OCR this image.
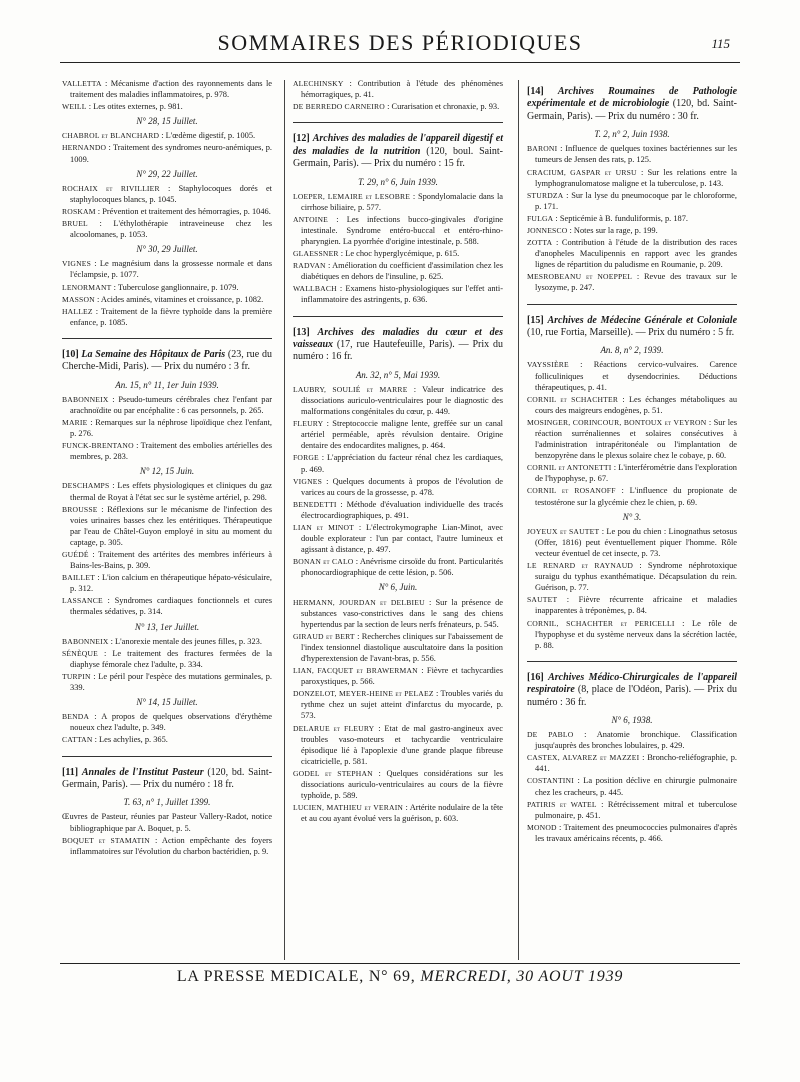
SOMMAIRES DES PÉRIODIQUES	115
VALLETTA : Mécanisme d'action des rayonnements dans le traitement des maladies inflammatoires, p. 978.
WEILL : Les otites externes, p. 981.
N° 28, 15 Juillet.
CHABROL et BLANCHARD : L'œdème digestif, p. 1005.
HERNANDO : Traitement des syndromes neuro-anémiques, p. 1009.
N° 29, 22 Juillet.
ROCHAIX et RIVILLIER : Staphylocoques dorés et staphylocoques blancs, p. 1045.
ROSKAM : Prévention et traitement des hémorragies, p. 1046.
BRUEL : L'éthylothérapie intraveineuse chez les alcoolomanes, p. 1053.
N° 30, 29 Juillet.
VIGNES : Le magnésium dans la grossesse normale et dans l'éclampsie, p. 1077.
LENORMANT : Tuberculose ganglionnaire, p. 1079.
MASSON : Acides aminés, vitamines et croissance, p. 1082.
HALLEZ : Traitement de la fièvre typhoïde dans la première enfance, p. 1085.
[10] La Semaine des Hôpitaux de Paris (23, rue du Cherche-Midi, Paris). — Prix du numéro : 3 fr.
An. 15, n° 11, 1er Juin 1939.
BABONNEIX : Pseudo-tumeurs cérébrales chez l'enfant par arachnoïdite ou par encéphalite : 6 cas personnels, p. 265.
MARIE : Remarques sur la néphrose lipoïdique chez l'enfant, p. 276.
FUNCK-BRENTANO : Traitement des embolies artérielles des membres, p. 283.
N° 12, 15 Juin.
DESCHAMPS : Les effets physiologiques et cliniques du gaz thermal de Royat à l'état sec sur le système artériel, p. 298.
BROUSSE : Réflexions sur le mécanisme de l'infection des voies urinaires basses chez les entéritiques. Thérapeutique par l'eau de Châtel-Guyon employé in situ au moment du captage, p. 305.
GUÉDÉ : Traitement des artérites des membres inférieurs à Bains-les-Bains, p. 309.
BAILLET : L'ion calcium en thérapeutique hépato-vésiculaire, p. 312.
LASSANCE : Syndromes cardiaques fonctionnels et cures thermales sédatives, p. 314.
N° 13, 1er Juillet.
BABONNEIX : L'anorexie mentale des jeunes filles, p. 323.
SÉNÈQUE : Le traitement des fractures fermées de la diaphyse fémorale chez l'adulte, p. 334.
TURPIN : Le péril pour l'espèce des mutations germinales, p. 339.
N° 14, 15 Juillet.
BENDA : A propos de quelques observations d'érythème noueux chez l'adulte, p. 349.
CATTAN : Les achylies, p. 365.
[11] Annales de l'Institut Pasteur (120, bd. Saint-Germain, Paris). — Prix du numéro : 18 fr.
T. 63, n° 1, Juillet 1399.
Œuvres de Pasteur, réunies par Pasteur Vallery-Radot, notice bibliographique par A. Boquet, p. 5.
BOQUET et STAMATIN : Action empêchante des foyers inflammatoires sur l'évolution du charbon bactéridien, p. 9.
ALECHINSKY : Contribution à l'étude des phénomènes hémorragiques, p. 41.
DE BERREDO CARNEIRO : Curarisation et chronaxie, p. 93.
[12] Archives des maladies de l'appareil digestif et des maladies de la nutrition (120, boul. Saint-Germain, Paris). — Prix du numéro : 15 fr.
T. 29, n° 6, Juin 1939.
LOEPER, LEMAIRE et LESOBRE : Spondylomalacie dans la cirrhose biliaire, p. 577.
ANTOINE : Les infections bucco-gingivales d'origine intestinale. Syndrome entéro-buccal et entéro-rhino-pharyngien. La pyorrhée d'origine intestinale, p. 588.
GLAESSNER : Le choc hyperglycémique, p. 615.
RADVAN : Amélioration du coefficient d'assimilation chez les diabétiques en dehors de l'insuline, p. 625.
WALLBACH : Examens histo-physiologiques sur l'effet anti-inflammatoire des astringents, p. 636.
[13] Archives des maladies du cœur et des vaisseaux (17, rue Hautefeuille, Paris). — Prix du numéro : 16 fr.
An. 32, n° 5, Mai 1939.
LAUBRY, SOULIÉ et MARRE : Valeur indicatrice des dissociations auriculo-ventriculaires pour le diagnostic des malformations congénitales du cœur, p. 449.
FLEURY : Streptococcie maligne lente, greffée sur un canal artériel perméable, après révulsion dentaire. Origine dentaire des endocardites malignes, p. 464.
FORGE : L'appréciation du facteur rénal chez les cardiaques, p. 469.
VIGNES : Quelques documents à propos de l'évolution de varices au cours de la grossesse, p. 478.
BENEDETTI : Méthode d'évaluation individuelle des tracés électrocardiographiques, p. 491.
LIAN et MINOT : L'électrokymographe Lian-Minot, avec double explorateur : l'un par contact, l'autre lumineux et agissant à distance, p. 497.
BONAN et CALO : Anévrisme cirsoïde du front. Particularités phonocardiographique de cette lésion, p. 506.
N° 6, Juin.
HERMANN, JOURDAN et DELBIEU : Sur la présence de substances vaso-constrictives dans le sang des chiens hypertendus par la section de leurs nerfs frénateurs, p. 545.
GIRAUD et BERT : Recherches cliniques sur l'abaissement de l'index tensionnel diastolique auscultatoire dans la position d'hyperextension de l'avant-bras, p. 556.
LIAN, FACQUET et BRAWERMAN : Fièvre et tachycardies paroxystiques, p. 566.
DONZELOT, MEYER-HEINE et PELAEZ : Troubles variés du rythme chez un sujet atteint d'infarctus du myocarde, p. 573.
DELARUE et FLEURY : Etat de mal gastro-angineux avec troubles vaso-moteurs et tachycardie ventriculaire épisodique lié à l'apoplexie d'une grande plaque fibreuse cicatricielle, p. 581.
GODEL et STEPHAN : Quelques considérations sur les dissociations auriculo-ventriculaires au cours de la fièvre typhoïde, p. 589.
LUCIEN, MATHIEU et VERAIN : Artérite nodulaire de la tête et au cou ayant évolué vers la guérison, p. 603.
[14] Archives Roumaines de Pathologie expérimentale et de microbiologie (120, bd. Saint-Germain, Paris). — Prix du numéro : 30 fr.
T. 2, n° 2, Juin 1938.
BARONI : Influence de quelques toxines bactériennes sur les tumeurs de Jensen des rats, p. 125.
CRACIUM, GASPAR et URSU : Sur les relations entre la lymphogranulomatose maligne et la tuberculose, p. 143.
STURDZA : Sur la lyse du pneumocoque par le chloroforme, p. 171.
FULGA : Septicémie à B. funduliformis, p. 187.
JONNESCO : Notes sur la rage, p. 199.
ZOTTA : Contribution à l'étude de la distribution des races d'anopheles Maculipennis en rapport avec les grandes lignes de répartition du paludisme en Roumanie, p. 209.
MESROBEANU et NOEPPEL : Revue des travaux sur le lysozyme, p. 247.
[15] Archives de Médecine Générale et Coloniale (10, rue Fortia, Marseille). — Prix du numéro : 5 fr.
An. 8, n° 2, 1939.
VAYSSIÈRE : Réactions cervico-vulvaires. Carence folliculiniques et dysendocrinies. Déductions thérapeutiques, p. 41.
CORNIL et SCHACHTER : Les échanges métaboliques au cours des maigreurs endogènes, p. 51.
MOSINGER, CORINCOUR, BONTOUX et VEYRON : Sur les réaction surrénaliennes et solaires consécutives à l'administration intrapéritonéale ou l'implantation de benzopyrène dans le plexus solaire chez le cobaye, p. 60.
CORNIL et ANTONETTI : L'interférométrie dans l'exploration de l'hypophyse, p. 67.
CORNIL et ROSANOFF : L'influence du propionate de testostérone sur la glycémie chez le chien, p. 69.
N° 3.
JOYEUX et SAUTET : Le pou du chien : Linognathus setosus (Offer, 1816) peut éventuellement piquer l'homme. Rôle vecteur éventuel de cet insecte, p. 73.
LE RENARD et RAYNAUD : Syndrome néphrotoxique suraigu du typhus exanthématique. Décapsulation du rein. Guérison, p. 77.
SAUTET : Fièvre récurrente africaine et maladies inapparentes à tréponèmes, p. 84.
CORNIL, SCHACHTER et PERICELLI : Le rôle de l'hypophyse et du système nerveux dans la sécrétion lactée, p. 88.
[16] Archives Médico-Chirurgicales de l'appareil respiratoire (8, place de l'Odéon, Paris). — Prix du numéro : 36 fr.
N° 6, 1938.
DE PABLO : Anatomie bronchique. Classification jusqu'auprès des bronches lobulaires, p. 429.
CASTEX, ALVAREZ et MAZZEI : Broncho-reliéfographie, p. 441.
COSTANTINI : La position déclive en chirurgie pulmonaire chez les cracheurs, p. 445.
PATIRIS et WATEL : Rétrécissement mitral et tuberculose pulmonaire, p. 451.
MONOD : Traitement des pneumococcies pulmonaires d'après les travaux américains récents, p. 466.
LA PRESSE MEDICALE, N° 69, MERCREDI, 30 AOUT 1939
